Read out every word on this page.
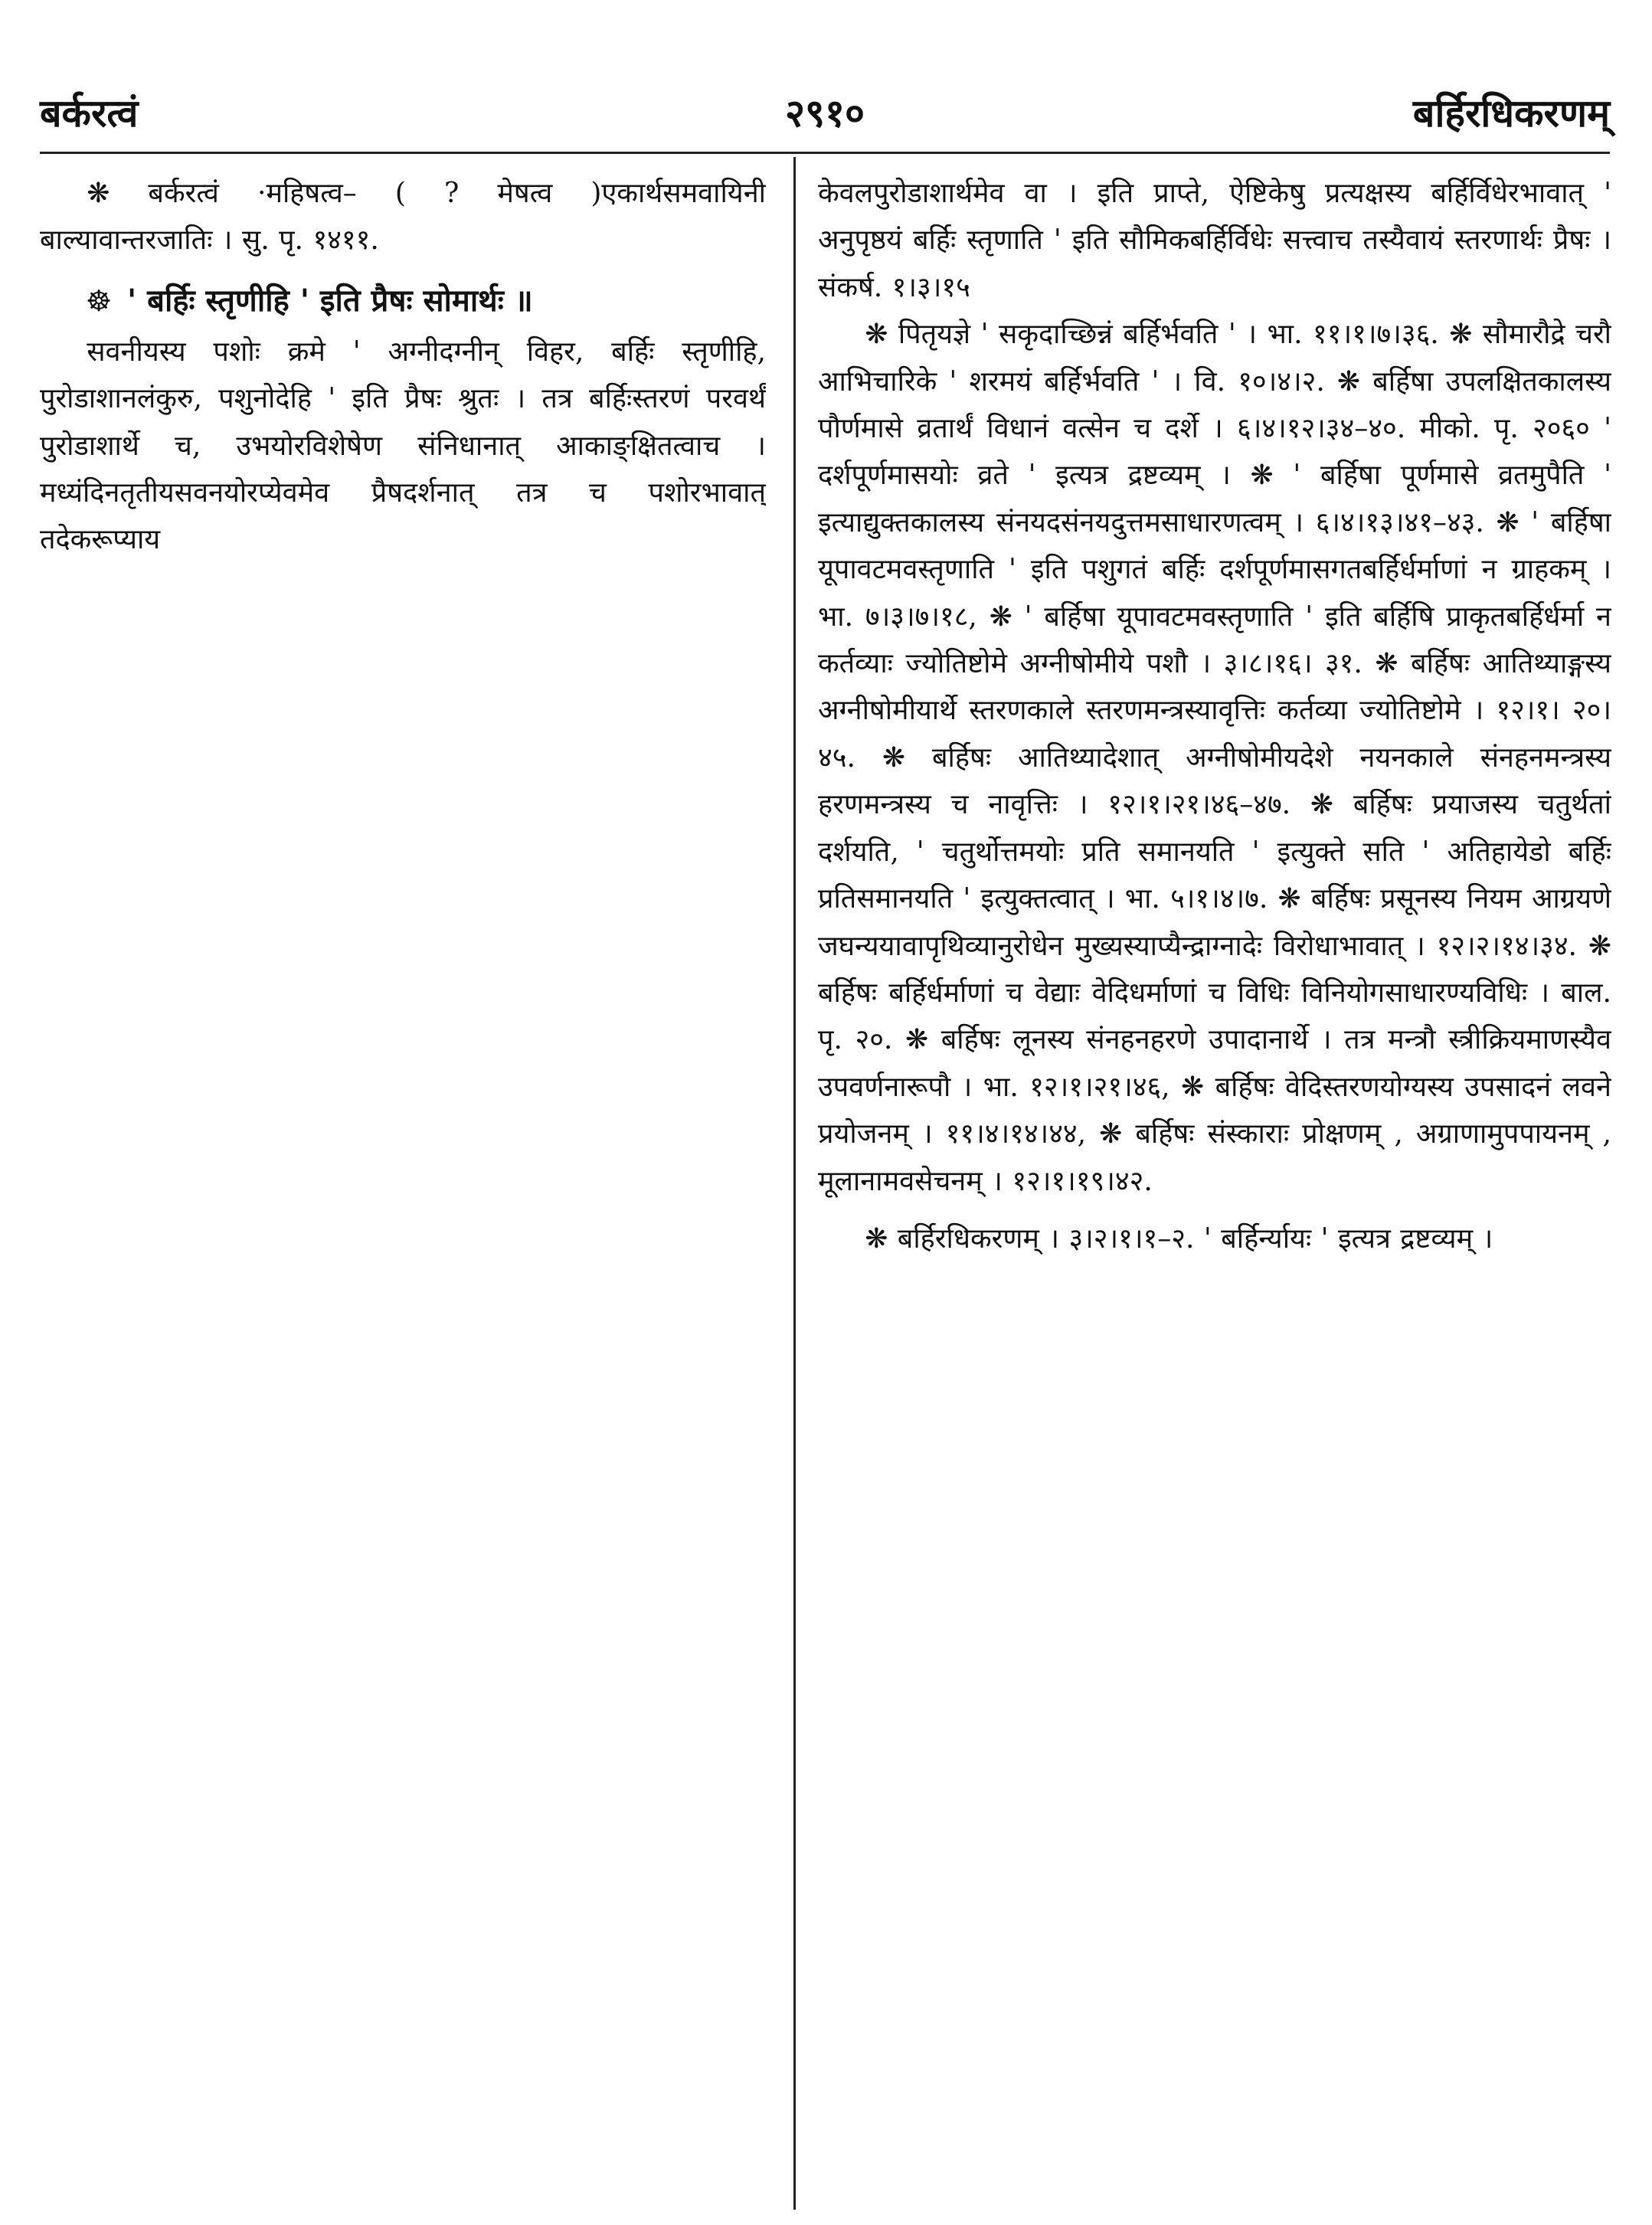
बर्करत्वं	२९१०	बर्हिरधिकरणम्

❋ बर्करत्वं ·महिषत्व– ( ? मेषत्व )एकार्थसमवायिनी बाल्यावान्तरजातिः । सु. पृ. १४११.

☸ ' बर्हिः स्तृणीहि ' इति प्रैषः सोमार्थः ॥

सवनीयस्य पशोः क्रमे ' अग्नीदग्नीन् विहर, बर्हिः स्तृणीहि, पुरोडाशानलंकुरु, पशुनोदेहि ' इति प्रैषः श्रुतः । तत्र बर्हिःस्तरणं परवर्थं पुरोडाशार्थे च, उभयोरविशेषेण संनिधानात् आकाङ्क्षितत्वाच । मध्यंदिनतृतीयसवनयोरप्येवमेव प्रैषदर्शनात् तत्र च पशोरभावात् तदेकरूप्याय

केवलपुरोडाशार्थमेव वा । इति प्राप्ते, ऐष्टिकेषु प्रत्यक्षस्य बर्हिर्विधेरभावात् ' अनुपृष्ठयं बर्हिः स्तृणाति ' इति सौमिकबर्हिर्विधेः सत्त्वाच तस्यैवायं स्तरणार्थः प्रैषः । संकर्ष. १।३।१५

❋ पितृयज्ञे ' सकृदाच्छिन्नं बर्हिर्भवति ' । भा. ११।१।७।३६. ❋ सौमारौद्रे चरौ आभिचारिके ' शरमयं बर्हिर्भवति ' । वि. १०।४।२. ❋ बर्हिषा उपलक्षितकालस्य पौर्णमासे व्रतार्थं विधानं वत्सेन च दर्शे । ६।४।१२।३४–४०. मीको. पृ. २०६० ' दर्शपूर्णमासयोः व्रते ' इत्यत्र द्रष्टव्यम् । ❋ ' बर्हिषा पूर्णमासे व्रतमुपैति ' इत्याद्युक्तकालस्य संनयदसंनयदुत्तमसाधारणत्वम् । ६।४।१३।४१–४३. ❋ ' बर्हिषा यूपावटमवस्तृणाति ' इति पशुगतं बर्हिः दर्शपूर्णमासगतबर्हिर्धर्माणां न ग्राहकम् । भा. ७।३।७।१८, ❋ ' बर्हिषा यूपावटमवस्तृणाति ' इति बर्हिषि प्राकृतबर्हिर्धर्मा न कर्तव्याः ज्योतिष्टोमे अग्नीषोमीये पशौ । ३।८।१६। ३१. ❋ बर्हिषः आतिथ्याङ्गस्य अग्नीषोमीयार्थे स्तरणकाले स्तरणमन्त्रस्यावृत्तिः कर्तव्या ज्योतिष्टोमे । १२।१। २०।४५. ❋ बर्हिषः आतिथ्यादेशात् अग्नीषोमीयदेशे नयनकाले संनहनमन्त्रस्य हरणमन्त्रस्य च नावृत्तिः । १२।१।२१।४६–४७. ❋ बर्हिषः प्रयाजस्य चतुर्थतां दर्शयति, ' चतुर्थोत्तमयोः प्रति समानयति ' इत्युक्ते सति ' अतिहायेडो बर्हिः प्रतिसमानयति ' इत्युक्तत्वात् । भा. ५।१।४।७. ❋ बर्हिषः प्रसूनस्य नियम आग्रयणे जघन्ययावापृथिव्यानुरोधेन मुख्यस्याप्यैन्द्राग्नादेः विरोधाभावात् । १२।२।१४।३४. ❋ बर्हिषः बर्हिर्धर्माणां च वेद्याः वेदिधर्माणां च विधिः विनियोगसाधारण्यविधिः । बाल. पृ. २०. ❋ बर्हिषः लूनस्य संनहनहरणे उपादानार्थे । तत्र मन्त्रौ स्त्रीक्रियमाणस्यैव उपवर्णनारूपौ । भा. १२।१।२१।४६, ❋ बर्हिषः वेदिस्तरणयोग्यस्य उपसादनं लवने प्रयोजनम् । ११।४।१४।४४, ❋ बर्हिषः संस्काराः प्रोक्षणम् , अग्राणामुपपायनम् , मूलानामवसेचनम् । १२।१।१९।४२.

❋ बर्हिरधिकरणम् । ३।२।१।१–२. ' बर्हिर्न्यायः ' इत्यत्र द्रष्टव्यम् ।
